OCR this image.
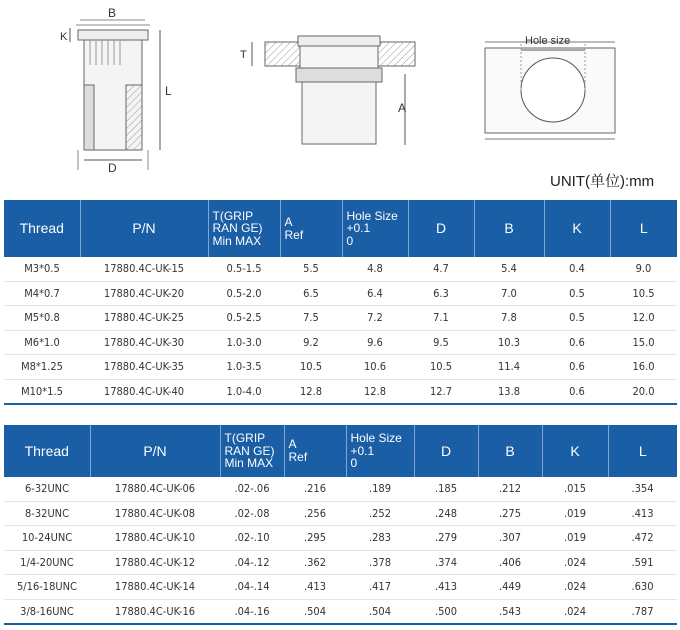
B
K
L
D
T
A
Hole size
UNIT(单位):mm
Thread	P/N	T(GRIP
RAN GE)
Min MAX	A
Ref	Hole Size
+0.1
0	D	B	K	L
M3*0.5	17880.4C-UK-15	0.5-1.5	5.5	4.8	4.7	5.4	0.4	9.0
M4*0.7	17880.4C-UK-20	0.5-2.0	6.5	6.4	6.3	7.0	0.5	10.5
M5*0.8	17880.4C-UK-25	0.5-2.5	7.5	7.2	7.1	7.8	0.5	12.0
M6*1.0	17880.4C-UK-30	1.0-3.0	9.2	9.6	9.5	10.3	0.6	15.0
M8*1.25	17880.4C-UK-35	1.0-3.5	10.5	10.6	10.5	11.4	0.6	16.0
M10*1.5	17880.4C-UK-40	1.0-4.0	12.8	12.8	12.7	13.8	0.6	20.0
Thread	P/N	T(GRIP
RAN GE)
Min MAX	A
Ref	Hole Size
+0.1
0	D	B	K	L
6-32UNC	17880.4C-UK-06	.02-.06	.216	.189	.185	.212	.015	.354
8-32UNC	17880.4C-UK-08	.02-.08	.256	.252	.248	.275	.019	.413
10-24UNC	17880.4C-UK-10	.02-.10	.295	.283	.279	.307	.019	.472
1/4-20UNC	17880.4C-UK-12	.04-.12	.362	.378	.374	.406	.024	.591
5/16-18UNC	17880.4C-UK-14	.04-.14	.413	.417	.413	.449	.024	.630
3/8-16UNC	17880.4C-UK-16	.04-.16	.504	.504	.500	.543	.024	.787
